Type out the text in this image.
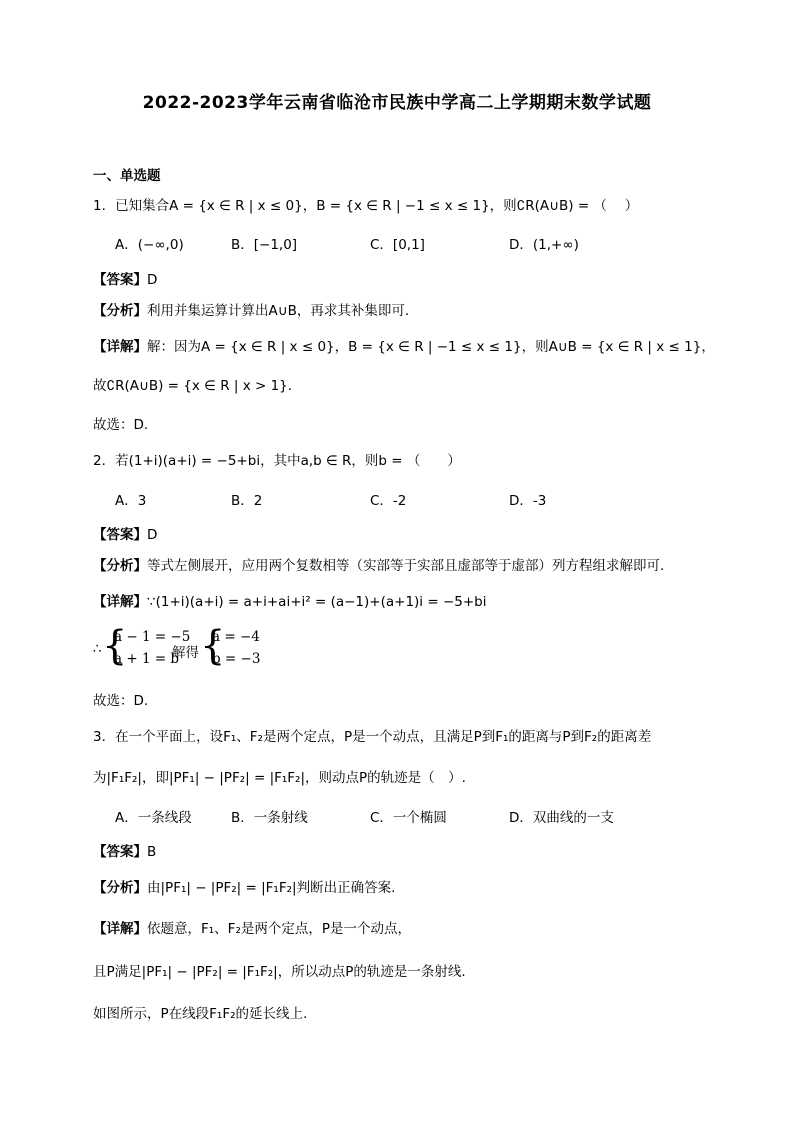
2022-2023学年云南省临沧市民族中学高二上学期期末数学试题
一、单选题
1．已知集合A = {x ∈ R | x ≤ 0}，B = {x ∈ R | −1 ≤ x ≤ 1}，则∁R(A∪B) = （　 ）
A．(−∞,0)	B．[−1,0]	C．[0,1]	D．(1,+∞)
【答案】D
【分析】利用并集运算计算出A∪B，再求其补集即可.
【详解】解：因为A = {x ∈ R | x ≤ 0}，B = {x ∈ R | −1 ≤ x ≤ 1}，则A∪B = {x ∈ R | x ≤ 1}，
故∁R(A∪B) = {x ∈ R | x > 1}.
故选：D.
2．若(1+i)(a+i) = −5+bi，其中a,b ∈ R，则b = （　　）
A．3	B．2	C．-2	D．-3
【答案】D
【分析】等式左侧展开，应用两个复数相等（实部等于实部且虚部等于虚部）列方程组求解即可.
【详解】∵(1+i)(a+i) = a+i+ai+i² = (a−1)+(a+1)i = −5+bi
∴ {
a − 1 = −5
a + 1 = b
解得 {
a = −4
b = −3
故选：D.
3．在一个平面上，设F₁、F₂是两个定点，P是一个动点，且满足P到F₁的距离与P到F₂的距离差
为|F₁F₂|，即|PF₁| − |PF₂| = |F₁F₂|，则动点P的轨迹是（　）.
A．一条线段	B．一条射线	C．一个椭圆	D．双曲线的一支
【答案】B
【分析】由|PF₁| − |PF₂| = |F₁F₂|判断出正确答案.
【详解】依题意，F₁、F₂是两个定点，P是一个动点，
且P满足|PF₁| − |PF₂| = |F₁F₂|，所以动点P的轨迹是一条射线.
如图所示，P在线段F₁F₂的延长线上.
